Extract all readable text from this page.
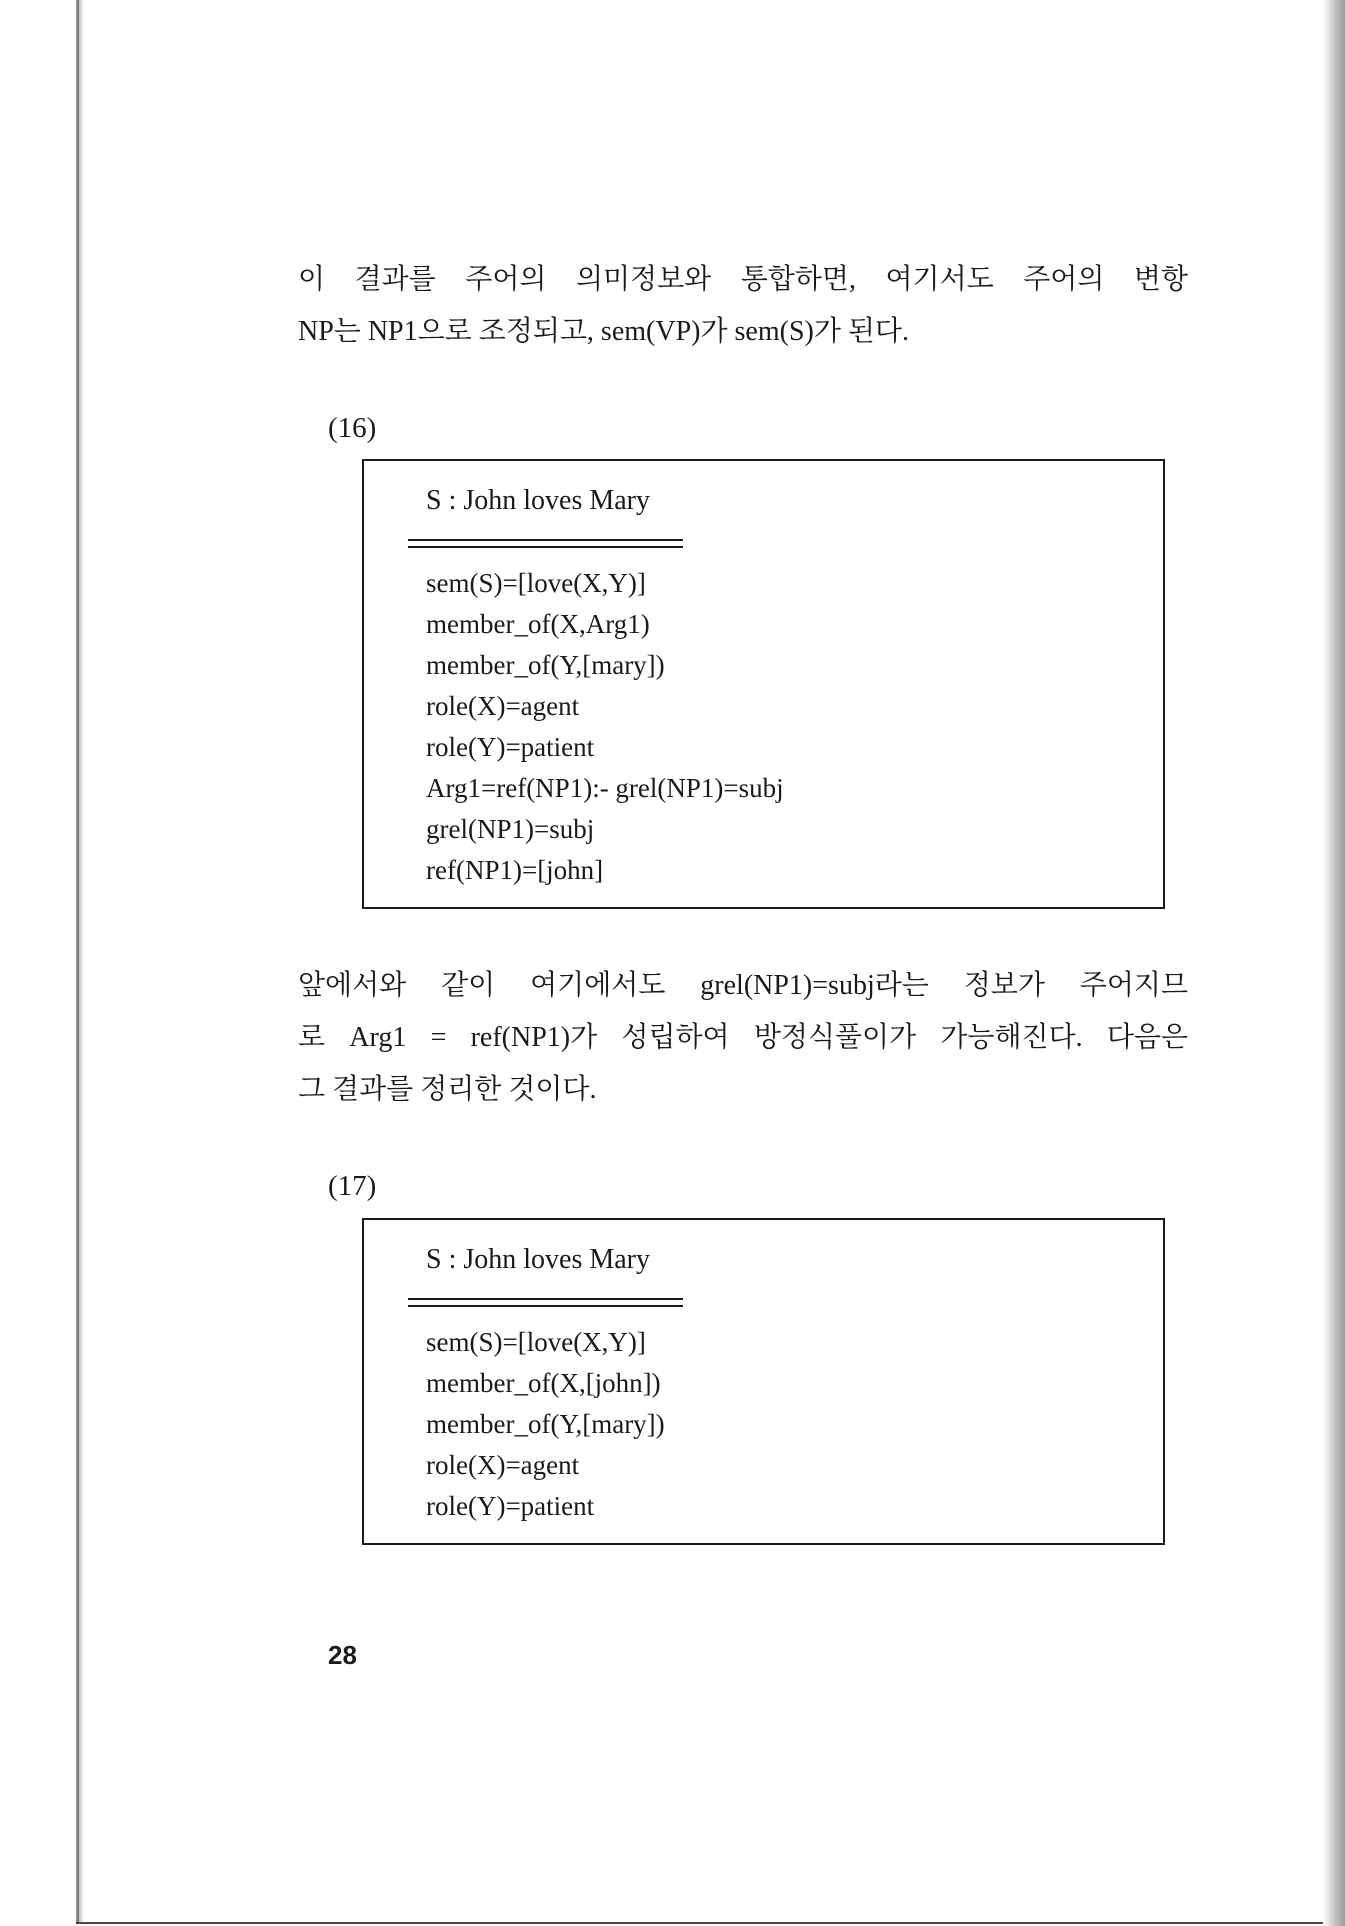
이 결과를 주어의 의미정보와 통합하면, 여기서도 주어의 변항
NP는 NP1으로 조정되고, sem(VP)가 sem(S)가 된다.

(16)
S : John loves Mary
sem(S)=[love(X,Y)]
member_of(X,Arg1)
member_of(Y,[mary])
role(X)=agent
role(Y)=patient
Arg1=ref(NP1):- grel(NP1)=subj
grel(NP1)=subj
ref(NP1)=[john]

앞에서와 같이 여기에서도 grel(NP1)=subj라는 정보가 주어지므
로 Arg1 = ref(NP1)가 성립하여 방정식풀이가 가능해진다. 다음은
그 결과를 정리한 것이다.

(17)
S : John loves Mary
sem(S)=[love(X,Y)]
member_of(X,[john])
member_of(Y,[mary])
role(X)=agent
role(Y)=patient
28
